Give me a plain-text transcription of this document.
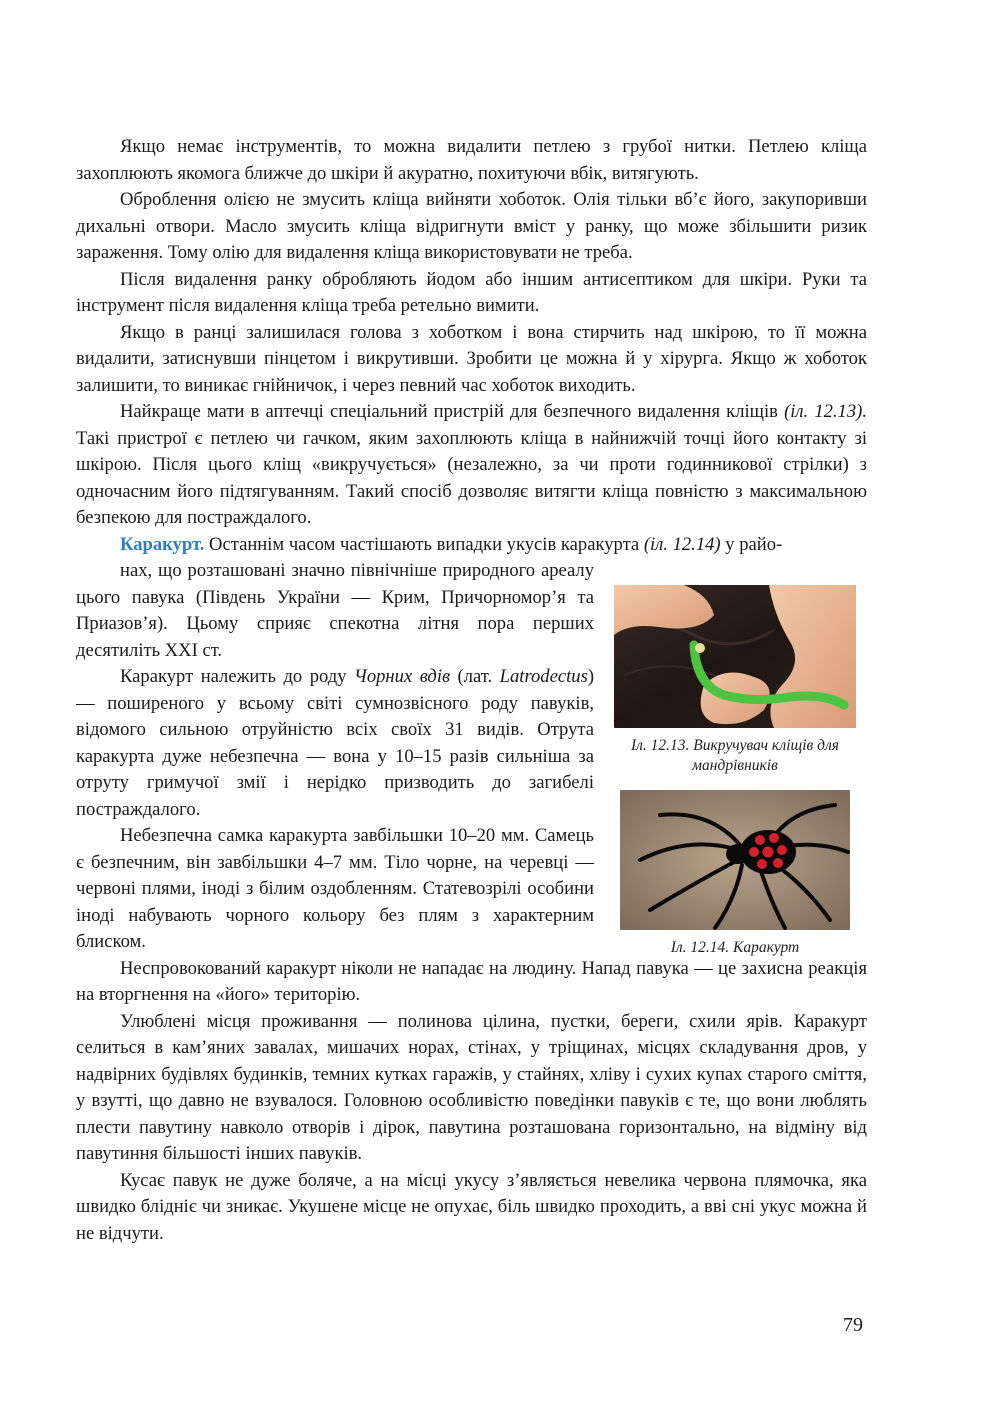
Якщо немає інструментів, то можна видалити петлею з грубої нитки. Петлею кліща захоплюють якомога ближче до шкіри й акуратно, похитуючи вбік, витягують.

Оброблення олією не змусить кліща вийняти хоботок. Олія тільки вб’є його, закупоривши дихальні отвори. Масло змусить кліща відригнути вміст у ранку, що може збільшити ризик зараження. Тому олію для видалення кліща використовувати не треба.

Після видалення ранку обробляють йодом або іншим антисептиком для шкіри. Руки та інструмент після видалення кліща треба ретельно вимити.

Якщо в ранці залишилася голова з хоботком і вона стирчить над шкірою, то її можна видалити, затиснувши пінцетом і викрутивши. Зробити це можна й у хірурга. Якщо ж хоботок залишити, то виникає гнійничок, і через певний час хоботок виходить.

Найкраще мати в аптечці спеціальний пристрій для безпечного видалення кліщів (іл. 12.13). Такі пристрої є петлею чи гачком, яким захоплюють кліща в найнижчій точці його контакту зі шкірою. Після цього кліщ «викручується» (незалежно, за чи проти годинникової стрілки) з одночасним його підтягуванням. Такий спосіб дозволяє витягти кліща повністю з максимальною безпекою для постраждалого.

Каракурт. Останнім часом частішають випадки укусів каракурта (іл. 12.14) у райо-

нах, що розташовані значно північніше природного ареалу цього павука (Південь України — Крим, Причорномор’я та Приазов’я). Цьому сприяє спекотна літня пора перших десятиліть XXI ст.

Каракурт належить до роду Чорних вдів (лат. Latrodectus) — поширеного у всьому світі сумнозвісного роду павуків, відомого сильною отруйністю всіх своїх 31 видів. Отрута каракурта дуже небезпечна — вона у 10–15 разів сильніша за отруту гримучої змії і нерідко призводить до загибелі постраждалого.

Небезпечна самка каракурта завбільшки 10–20 мм. Самець є безпечним, він завбільшки 4–7 мм. Тіло чорне, на черевці — червоні плями, іноді з білим оздобленням. Статевозрілі особини іноді набувають чорного кольору без плям з характерним блиском.

Іл. 12.13. Викручувач кліщів для мандрівників
Іл. 12.14. Каракурт

Неспровокований каракурт ніколи не нападає на людину. Напад павука — це захисна реакція на вторгнення на «його» територію.

Улюблені місця проживання — полинова цілина, пустки, береги, схили ярів. Каракурт селиться в кам’яних завалах, мишачих норах, стінах, у тріщинах, місцях складування дров, у надвірних будівлях будинків, темних кутках гаражів, у стайнях, хліву і сухих купах старого сміття, у взутті, що давно не взувалося. Головною особливістю поведінки павуків є те, що вони люблять плести павутину навколо отворів і дірок, павутина розташована горизонтально, на відміну від павутиння більшості інших павуків.

Кусає павук не дуже боляче, а на місці укусу з’являється невелика червона плямочка, яка швидко блідніє чи зникає. Укушене місце не опухає, біль швидко проходить, а вві сні укус можна й не відчути.

79
